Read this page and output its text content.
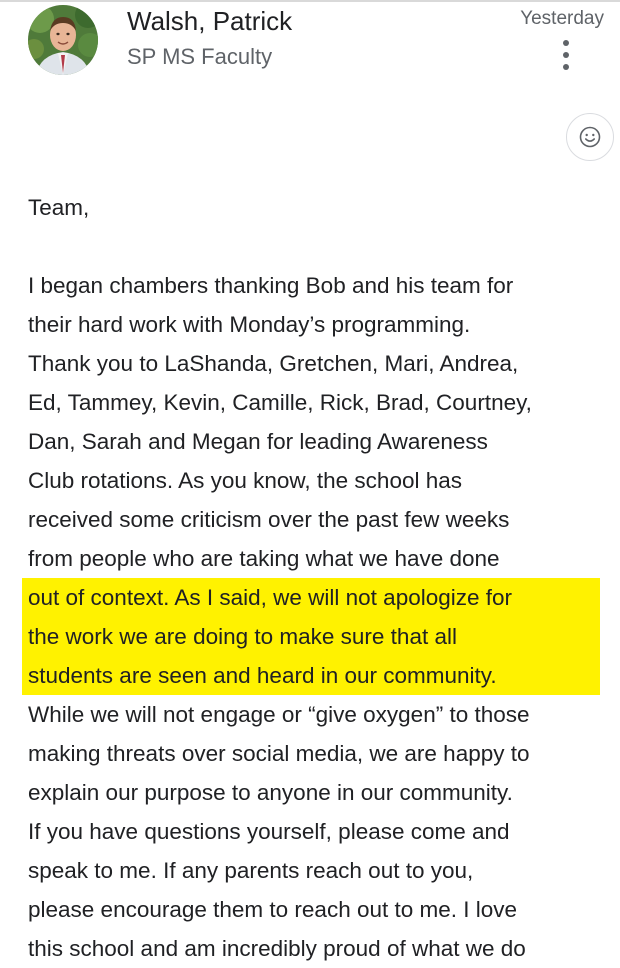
Walsh, Patrick
SP MS Faculty
Yesterday
Team,
I began chambers thanking Bob and his team for
their hard work with Monday’s programming.
Thank you to LaShanda, Gretchen, Mari, Andrea,
Ed, Tammey, Kevin, Camille, Rick, Brad, Courtney,
Dan, Sarah and Megan for leading Awareness
Club rotations. As you know, the school has
received some criticism over the past few weeks
from people who are taking what we have done
out of context. As I said, we will not apologize for
the work we are doing to make sure that all
students are seen and heard in our community.
While we will not engage or “give oxygen” to those
making threats over social media, we are happy to
explain our purpose to anyone in our community.
If you have questions yourself, please come and
speak to me. If any parents reach out to you,
please encourage them to reach out to me. I love
this school and am incredibly proud of what we do
